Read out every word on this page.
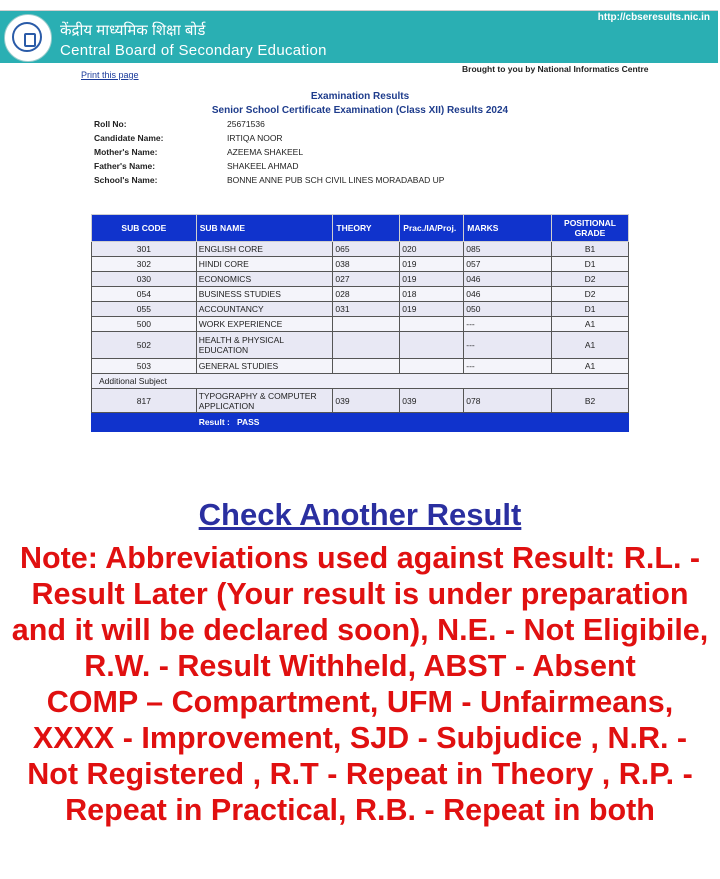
केंद्रीय माध्यमिक शिक्षा बोर्ड
Central Board of Secondary Education
http://cbseresults.nic.in
Print this page
Brought to you by National Informatics Centre
Examination Results
Senior School Certificate Examination (Class XII) Results 2024
Roll No:	25671536
Candidate Name:	IRTIQA NOOR
Mother's Name:	AZEEMA SHAKEEL
Father's Name:	SHAKEEL AHMAD
School's Name:	BONNE ANNE PUB SCH CIVIL LINES MORADABAD UP
SUB CODE	SUB NAME	THEORY	Prac./IA/Proj.	MARKS	POSITIONAL GRADE
301	ENGLISH CORE	065	020	085	B1
302	HINDI CORE	038	019	057	D1
030	ECONOMICS	027	019	046	D2
054	BUSINESS STUDIES	028	018	046	D2
055	ACCOUNTANCY	031	019	050	D1
500	WORK EXPERIENCE			---	A1
502	HEALTH & PHYSICAL EDUCATION			---	A1
503	GENERAL STUDIES			---	A1
Additional Subject					
817	TYPOGRAPHY & COMPUTER APPLICATION	039	039	078	B2
	Result : PASS				
Check Another Result

Note: Abbreviations used against Result: R.L. - Result Later (Your result is under preparation and it will be declared soon), N.E. - Not Eligibile, R.W. - Result Withheld, ABST - Absent

COMP – Compartment, UFM - Unfairmeans, XXXX - Improvement, SJD - Subjudice , N.R. - Not Registered , R.T - Repeat in Theory , R.P. - Repeat in Practical, R.B. - Repeat in both
